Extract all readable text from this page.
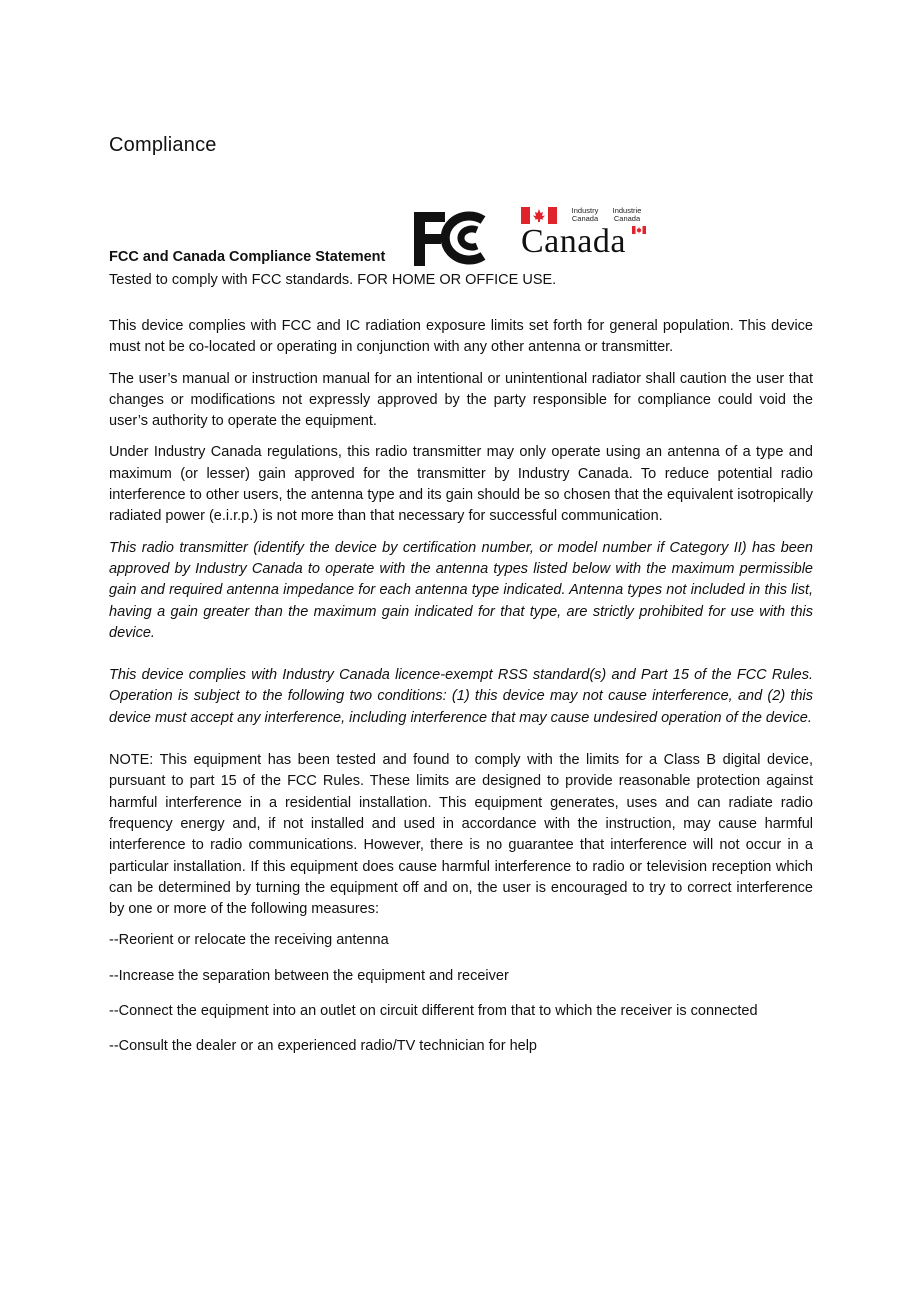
Compliance
FCC and Canada Compliance Statement
Industry Canada
Industrie Canada
Canada

Tested to comply with FCC standards. FOR HOME OR OFFICE USE.

This device complies with FCC and IC radiation exposure limits set forth for general population. This device must not be co-located or operating in conjunction with any other antenna or transmitter.

The user’s manual or instruction manual for an intentional or unintentional radiator shall caution the user that changes or modifications not expressly approved by the party responsible for compliance could void the user’s authority to operate the equipment.

Under Industry Canada regulations, this radio transmitter may only operate using an antenna of a type and maximum (or lesser) gain approved for the transmitter by Industry Canada. To reduce potential radio interference to other users, the antenna type and its gain should be so chosen that the equivalent isotropically radiated power (e.i.r.p.) is not more than that necessary for successful communication.

This radio transmitter (identify the device by certification number, or model number if Category II) has been approved by Industry Canada to operate with the antenna types listed below with the maximum permissible gain and required antenna impedance for each antenna type indicated. Antenna types not included in this list, having a gain greater than the maximum gain indicated for that type, are strictly prohibited for use with this device.

This device complies with Industry Canada licence-exempt RSS standard(s) and Part 15 of the FCC Rules. Operation is subject to the following two conditions: (1) this device may not cause interference, and (2) this device must accept any interference, including interference that may cause undesired operation of the device.

NOTE: This equipment has been tested and found to comply with the limits for a Class B digital device, pursuant to part 15 of the FCC Rules. These limits are designed to provide reasonable protection against harmful interference in a residential installation. This equipment generates, uses and can radiate radio frequency energy and, if not installed and used in accordance with the instruction, may cause harmful interference to radio communications. However, there is no guarantee that interference will not occur in a particular installation. If this equipment does cause harmful interference to radio or television reception which can be determined by turning the equipment off and on, the user is encouraged to try to correct interference by one or more of the following measures:

--Reorient or relocate the receiving antenna

--Increase the separation between the equipment and receiver

--Connect the equipment into an outlet on circuit different from that to which the receiver is connected

--Consult the dealer or an experienced radio/TV technician for help
